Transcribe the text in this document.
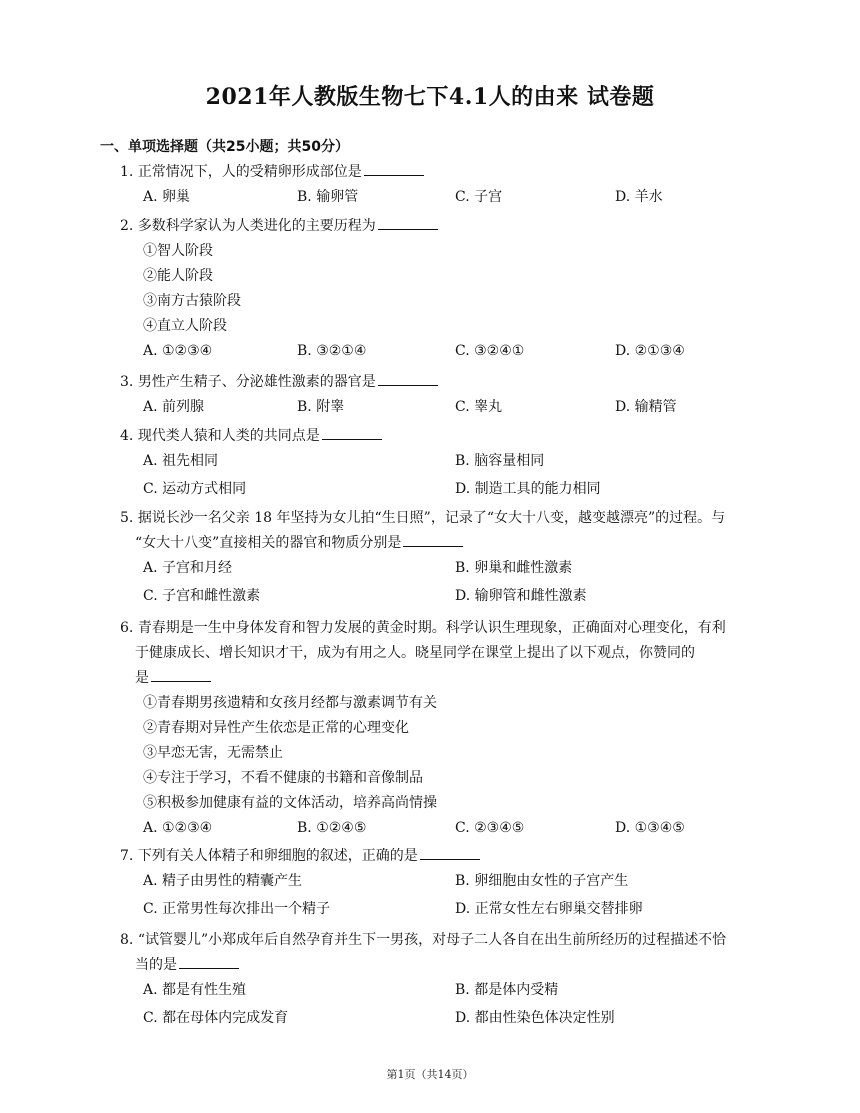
2021年人教版生物七下4.1人的由来 试卷题
一、单项选择题（共25小题；共50分）
1. 正常情况下，人的受精卵形成部位是
A. 卵巢	B. 输卵管	C. 子宫	D. 羊水
2. 多数科学家认为人类进化的主要历程为
①智人阶段
②能人阶段
③南方古猿阶段
④直立人阶段
A. ①②③④	B. ③②①④	C. ③②④①	D. ②①③④
3. 男性产生精子、分泌雄性激素的器官是
A. 前列腺	B. 附睾	C. 睾丸	D. 输精管
4. 现代类人猿和人类的共同点是
A. 祖先相同	B. 脑容量相同
C. 运动方式相同	D. 制造工具的能力相同
5. 据说长沙一名父亲 18 年坚持为女儿拍“生日照”，记录了“女大十八变，越变越漂亮”的过程。与
“女大十八变”直接相关的器官和物质分别是
A. 子宫和月经	B. 卵巢和雌性激素
C. 子宫和雌性激素	D. 输卵管和雌性激素
6. 青春期是一生中身体发育和智力发展的黄金时期。科学认识生理现象，正确面对心理变化，有利
于健康成长、增长知识才干，成为有用之人。晓星同学在课堂上提出了以下观点，你赞同的
是
①青春期男孩遗精和女孩月经都与激素调节有关
②青春期对异性产生依恋是正常的心理变化
③早恋无害，无需禁止
④专注于学习，不看不健康的书籍和音像制品
⑤积极参加健康有益的文体活动，培养高尚情操
A. ①②③④	B. ①②④⑤	C. ②③④⑤	D. ①③④⑤
7. 下列有关人体精子和卵细胞的叙述，正确的是
A. 精子由男性的精囊产生	B. 卵细胞由女性的子宫产生
C. 正常男性每次排出一个精子	D. 正常女性左右卵巢交替排卵
8. “试管婴儿”小郑成年后自然孕育并生下一男孩，对母子二人各自在出生前所经历的过程描述不恰
当的是
A. 都是有性生殖	B. 都是体内受精
C. 都在母体内完成发育	D. 都由性染色体决定性别
第1页（共14页）
